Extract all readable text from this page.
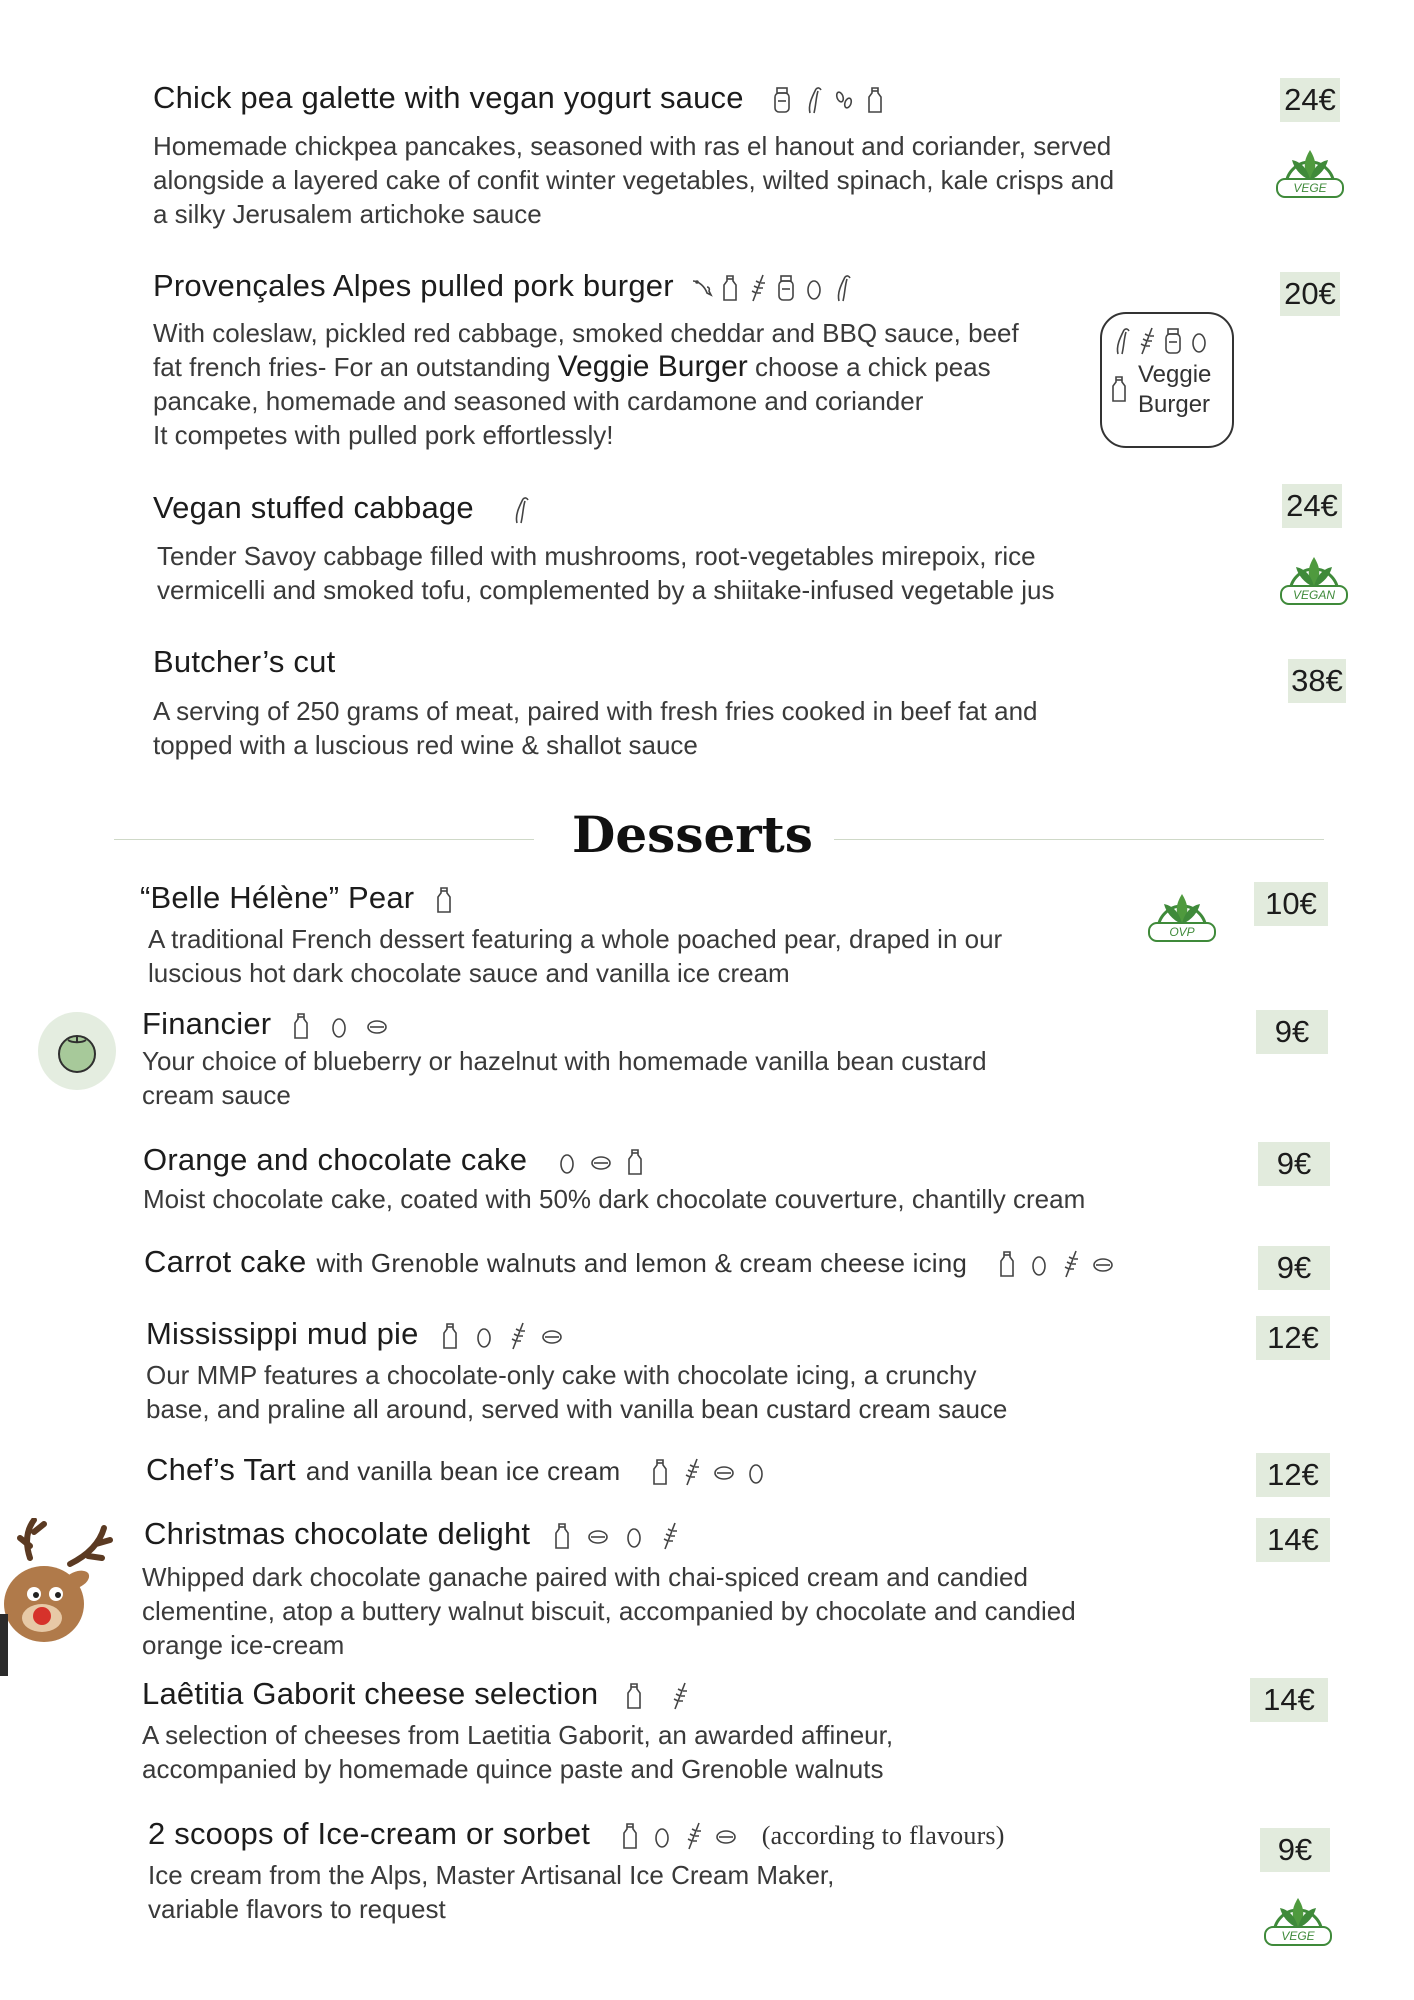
Chick pea galette with vegan yogurt sauce
Homemade chickpea pancakes, seasoned with ras el hanout and coriander, served
alongside a layered cake of confit winter vegetables, wilted spinach, kale crisps and
a silky Jerusalem artichoke sauce
24€
VEGE
Provençales Alpes pulled pork burger
With coleslaw, pickled red cabbage, smoked cheddar and BBQ sauce, beef
fat french fries- For an outstanding Veggie Burger choose a chick peas
pancake, homemade and seasoned with cardamone and coriander
It competes with pulled pork effortlessly!
20€
Veggie
Burger
Vegan stuffed cabbage
Tender Savoy cabbage filled with mushrooms, root-vegetables mirepoix, rice
vermicelli and smoked tofu, complemented by a shiitake-infused vegetable jus
24€
VEGAN
Butcher’s cut
A serving of 250 grams of meat, paired with fresh fries cooked in beef fat and
topped with a luscious red wine & shallot sauce
38€
Desserts
“Belle Hélène” Pear
A traditional French dessert featuring a whole poached pear, draped in our
luscious hot dark chocolate sauce and vanilla ice cream
10€
OVP
Financier
Your choice of blueberry or hazelnut with homemade vanilla bean custard
cream sauce
9€
Orange and chocolate cake
Moist chocolate cake, coated with 50% dark chocolate couverture, chantilly cream
9€
Carrot cake with Grenoble walnuts and lemon & cream cheese icing	9€
Mississippi mud pie
Our MMP features a chocolate-only cake with chocolate icing, a crunchy
base, and praline all around, served with vanilla bean custard cream sauce
12€
Chef’s Tart and vanilla bean ice cream	12€
Christmas chocolate delight
Whipped dark chocolate ganache paired with chai-spiced cream and candied
clementine, atop a buttery walnut biscuit, accompanied by chocolate and candied
orange ice-cream
14€
Laêtitia Gaborit cheese selection
A selection of cheeses from Laetitia Gaborit, an awarded affineur,
accompanied by homemade quince paste and Grenoble walnuts
14€
2 scoops of Ice-cream or sorbet	(according to flavours)
Ice cream from the Alps, Master Artisanal Ice Cream Maker,
variable flavors to request
9€
VEGE
